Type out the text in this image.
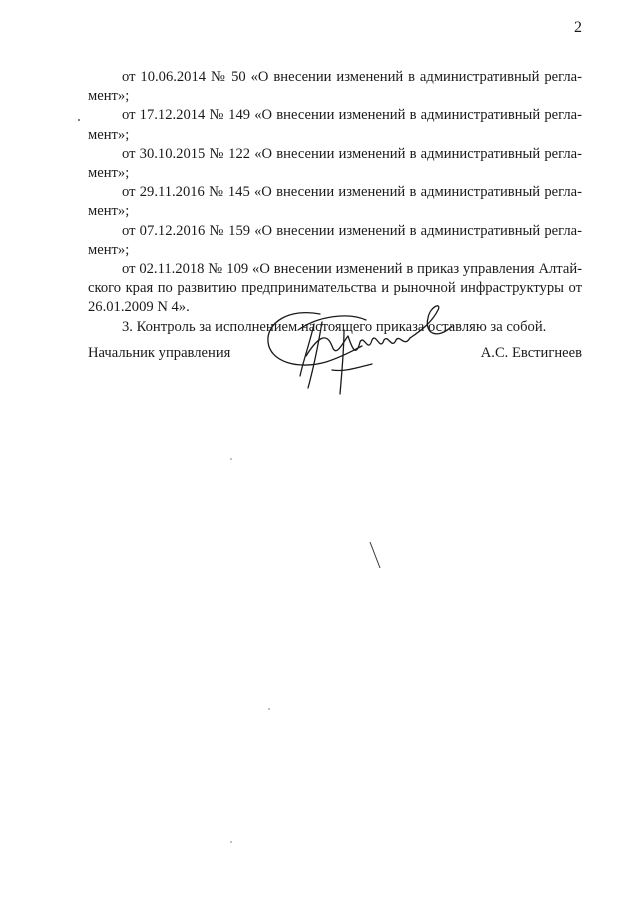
2

от 10.06.2014 № 50 «О внесении изменений в административный регламент»;

от 17.12.2014 № 149 «О внесении изменений в административный регламент»;

от 30.10.2015 № 122 «О внесении изменений в административный регламент»;

от 29.11.2016 № 145 «О внесении изменений в административный регламент»;

от 07.12.2016 № 159 «О внесении изменений в административный регламент»;

от 02.11.2018 № 109 «О внесении изменений в приказ управления Алтайского края по развитию предпринимательства и рыночной инфраструктуры от 26.01.2009 N 4».

3. Контроль за исполнением настоящего приказа оставляю за собой.

Начальник управления	А.С. Евстигнеев
